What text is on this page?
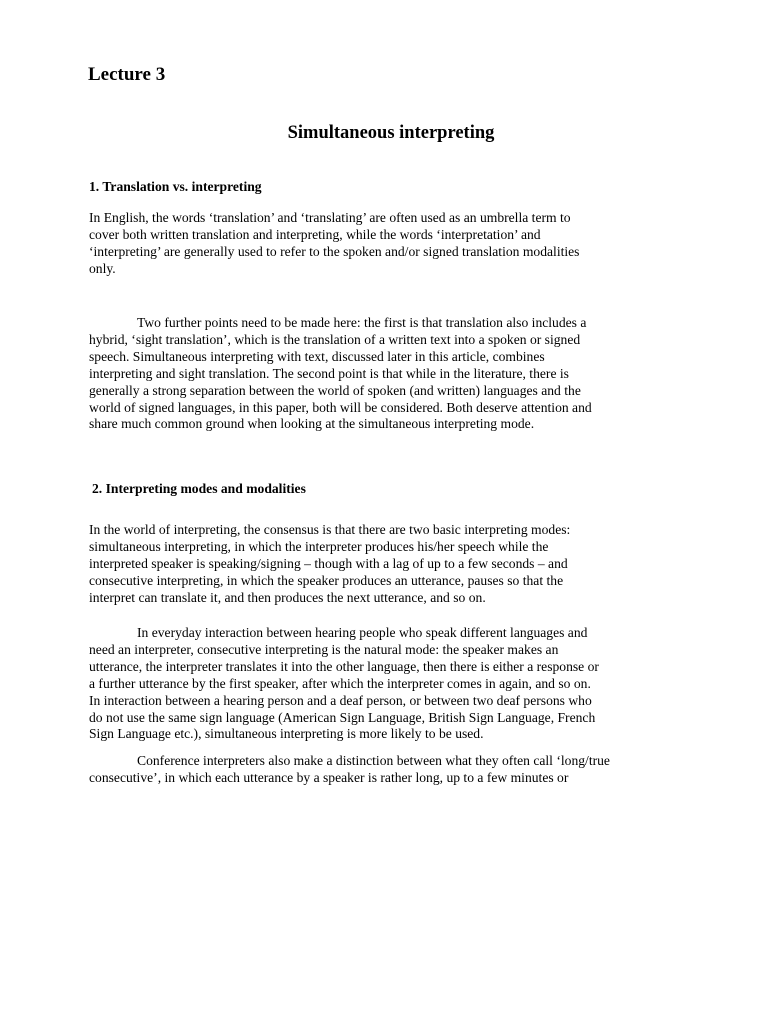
Lecture 3
Simultaneous interpreting
1. Translation vs. interpreting

In English, the words ‘translation’ and ‘translating’ are often used as an umbrella term to
cover both written translation and interpreting, while the words ‘interpretation’ and
‘interpreting’ are generally used to refer to the spoken and/or signed translation modalities
only.

Two further points need to be made here: the first is that translation also includes a
hybrid, ‘sight translation’, which is the translation of a written text into a spoken or signed
speech. Simultaneous interpreting with text, discussed later in this article, combines
interpreting and sight translation. The second point is that while in the literature, there is
generally a strong separation between the world of spoken (and written) languages and the
world of signed languages, in this paper, both will be considered. Both deserve attention and
share much common ground when looking at the simultaneous interpreting mode.

2. Interpreting modes and modalities

In the world of interpreting, the consensus is that there are two basic interpreting modes:
simultaneous interpreting, in which the interpreter produces his/her speech while the
interpreted speaker is speaking/signing – though with a lag of up to a few seconds – and
consecutive interpreting, in which the speaker produces an utterance, pauses so that the
interpret can translate it, and then produces the next utterance, and so on.

In everyday interaction between hearing people who speak different languages and
need an interpreter, consecutive interpreting is the natural mode: the speaker makes an
utterance, the interpreter translates it into the other language, then there is either a response or
a further utterance by the first speaker, after which the interpreter comes in again, and so on.
In interaction between a hearing person and a deaf person, or between two deaf persons who
do not use the same sign language (American Sign Language, British Sign Language, French
Sign Language etc.), simultaneous interpreting is more likely to be used.

Conference interpreters also make a distinction between what they often call ‘long/true
consecutive’, in which each utterance by a speaker is rather long, up to a few minutes or
